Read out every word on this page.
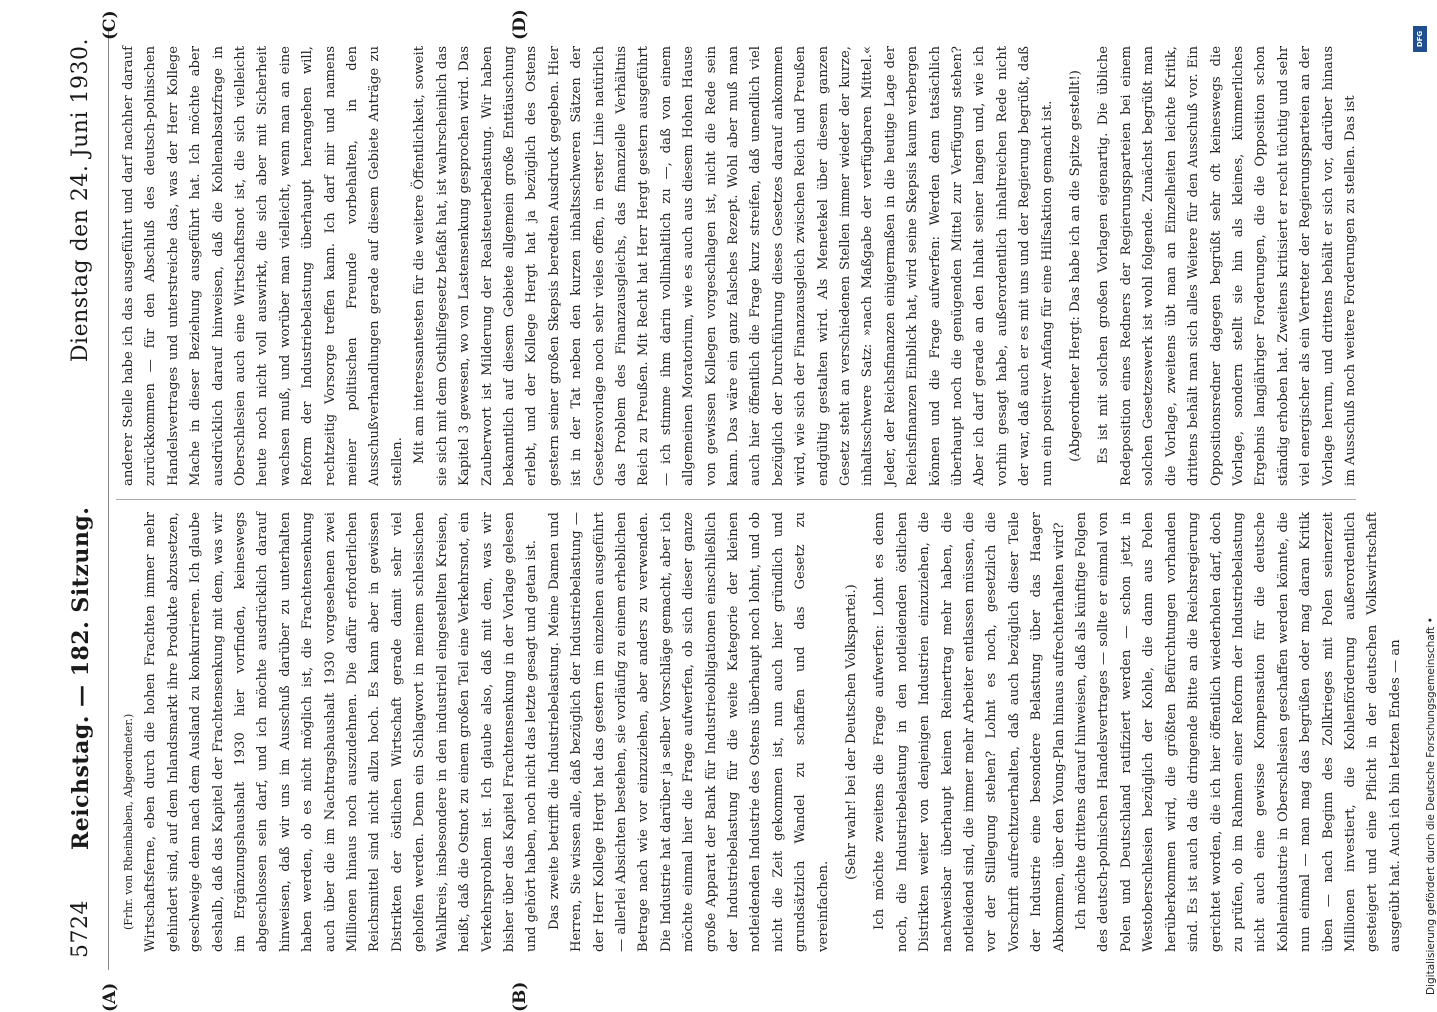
5724
Reichstag. — 182. Sitzung.
Dienstag den 24. Juni 1930.
(A)	(B)
(C)	(D)

(Frhr. von Rheinbaben, Abgeordneter.) Wirtschaftsferne, eben durch die hohen Frachten immer mehr gehindert sind, auf dem Inlandsmarkt ihre Produkte abzusetzen, geschweige denn nach dem Ausland zu konkurrieren. Ich glaube deshalb, daß das Kapitel der Frachtensenkung mit dem, was wir im Ergänzungshaushalt 1930 hier vorfinden, keineswegs abgeschlossen sein darf, und ich möchte ausdrücklich darauf hinweisen, daß wir uns im Ausschuß darüber zu unterhalten haben werden, ob es nicht möglich ist, die Frachtensenkung auch über die im Nachtragshaushalt 1930 vorgesehenen zwei Millionen hinaus noch auszudehnen. Die dafür erforderlichen Reichsmittel sind nicht allzu hoch. Es kann aber in gewissen Distrikten der östlichen Wirtschaft gerade damit sehr viel geholfen werden. Denn ein Schlagwort in meinem schlesischen Wahlkreis, insbesondere in den industriell eingestellten Kreisen, heißt, daß die Ostnot zu einem großen Teil eine Verkehrsnot, ein Verkehrsproblem ist. Ich glaube also, daß mit dem, was wir bisher über das Kapitel Frachtensenkung in der Vorlage gelesen und gehört haben, noch nicht das letzte gesagt und getan ist. Das zweite betrifft die Industriebelastung. Meine Damen und Herren, Sie wissen alle, daß bezüglich der Industriebelastung — der Herr Kollege Hergt hat das gestern im einzelnen ausgeführt — allerlei Absichten bestehen, sie vorläufig zu einem erheblichen Betrage nach wie vor einzuziehen, aber anders zu verwenden. Die Industrie hat darüber ja selber Vorschläge gemacht, aber ich möchte einmal hier die Frage aufwerfen, ob sich dieser ganze große Apparat der Bank für Industrieobligationen einschließlich der Industriebelastung für die weite Kategorie der kleinen notleidenden Industrie des Ostens überhaupt noch lohnt, und ob nicht die Zeit gekommen ist, nun auch hier gründlich und grundsätzlich Wandel zu schaffen und das Gesetz zu vereinfachen.

(Sehr wahr! bei der Deutschen Volkspartei.)	Ich möchte zweitens die Frage aufwerfen: Lohnt es denn noch, die Industriebelastung in den notleidenden östlichen Distrikten weiter von denjenigen Industrien einzuziehen, die nachweisbar überhaupt keinen Reinertrag mehr haben, die notleidend sind, die immer mehr Arbeiter entlassen müssen, die vor der Stillegung stehen? Lohnt es noch, gesetzlich die Vorschrift aufrechtzuerhalten, daß auch bezüglich dieser Teile der Industrie eine besondere Belastung über das Haager Abkommen, über den Young-Plan hinaus aufrechterhalten wird? Ich möchte drittens darauf hinweisen, daß als künftige Folgen des deutsch-polnischen Handelsvertrages — sollte er einmal von Polen und Deutschland ratifiziert werden — schon jetzt in Westoberschlesien bezüglich der Kohle, die dann aus Polen herüberkommen wird, die größten Befürchtungen vorhanden sind. Es ist auch da die dringende Bitte an die Reichsregierung gerichtet worden, die ich hier öffentlich wiederholen darf, doch zu prüfen, ob im Rahmen einer Reform der Industriebelastung nicht auch eine gewisse Kompensation für die deutsche Kohlenindustrie in Oberschlesien geschaffen werden könnte, die nun einmal — man mag das begrüßen oder mag daran Kritik üben — nach Beginn des Zollkrieges mit Polen seinerzeit Millionen investiert, die Kohlenförderung außerordentlich gesteigert und eine Pflicht in der deutschen Volkswirtschaft ausgeübt hat. Auch ich bin letzten Endes — an

anderer Stelle habe ich das ausgeführt und darf nachher darauf zurückkommen — für den Abschluß des deutsch-polnischen Handelsvertrages und unterstreiche das, was der Herr Kollege Mache in dieser Beziehung ausgeführt hat. Ich möchte aber ausdrücklich darauf hinweisen, daß die Kohlenabsatzfrage in Oberschlesien auch eine Wirtschaftsnot ist, die sich vielleicht heute noch nicht voll auswirkt, die sich aber mit Sicherheit wachsen muß, und worüber man vielleicht, wenn man an eine Reform der Industriebelastung überhaupt herangehen will, rechtzeitig Vorsorge treffen kann. Ich darf mir und namens meiner politischen Freunde vorbehalten, in den Ausschußverhandlungen gerade auf diesem Gebiete Anträge zu stellen. Mit am interessantesten für die weitere Öffentlichkeit, soweit sie sich mit dem Osthilfegesetz befaßt hat, ist wahrscheinlich das Kapitel 3 gewesen, wo von Lastensenkung gesprochen wird. Das Zauberwort ist Milderung der Realsteuerbelastung. Wir haben bekanntlich auf diesem Gebiete allgemein große Enttäuschung erlebt, und der Kollege Hergt hat ja bezüglich des Ostens gestern seiner großen Skepsis beredten Ausdruck gegeben. Hier ist in der Tat neben den kurzen inhaltsschweren Sätzen der Gesetzesvorlage noch sehr vieles offen, in erster Linie natürlich das Problem des Finanzausgleichs, das finanzielle Verhältnis Reich zu Preußen. Mit Recht hat Herr Hergt gestern ausgeführt — ich stimme ihm darin vollinhaltlich zu —, daß von einem allgemeinen Moratorium, wie es auch aus diesem Hohen Hause von gewissen Kollegen vorgeschlagen ist, nicht die Rede sein kann. Das wäre ein ganz falsches Rezept. Wohl aber muß man auch hier öffentlich die Frage kurz streifen, daß unendlich viel bezüglich der Durchführung dieses Gesetzes darauf ankommen wird, wie sich der Finanzausgleich zwischen Reich und Preußen endgültig gestalten wird. Als Menetekel über diesem ganzen Gesetz steht an verschiedenen Stellen immer wieder der kurze, inhaltsschwere Satz: »nach Maßgabe der verfügbaren Mittel.« Jeder, der Reichsfinanzen einigermaßen in die heutige Lage der Reichsfinanzen Einblick hat, wird seine Skepsis kaum verbergen können und die Frage aufwerfen: Werden denn tatsächlich überhaupt noch die genügenden Mittel zur Verfügung stehen? Aber ich darf gerade an den Inhalt seiner langen und, wie ich vorhin gesagt habe, außerordentlich inhaltreichen Rede nicht der war, daß auch er es mit uns und der Regierung begrüßt, daß nun ein positiver Anfang für eine Hilfsaktion gemacht ist.	(Abgeordneter Hergt: Das habe ich an die Spitze gestellt!)	Es ist mit solchen großen Vorlagen eigenartig. Die übliche Redeposition eines Redners der Regierungsparteien bei einem solchen Gesetzeswerk ist wohl folgende. Zunächst begrüßt man die Vorlage, zweitens übt man an Einzelheiten leichte Kritik, drittens behält man sich alles Weitere für den Ausschuß vor. Ein Oppositionsredner dagegen begrüßt sehr oft keineswegs die Vorlage, sondern stellt sie hin als kleines, kümmerliches Ergebnis langjähriger Forderungen, die die Opposition schon ständig erhoben hat. Zweitens kritisiert er recht tüchtig und sehr viel energischer als ein Vertreter der Regierungsparteien an der Vorlage herum, und drittens behält er sich vor, darüber hinaus im Ausschuß noch weitere Forderungen zu stellen. Das ist

DFG
Digitalisierung gefördert durch die Deutsche Forschungsgemeinschaft •
